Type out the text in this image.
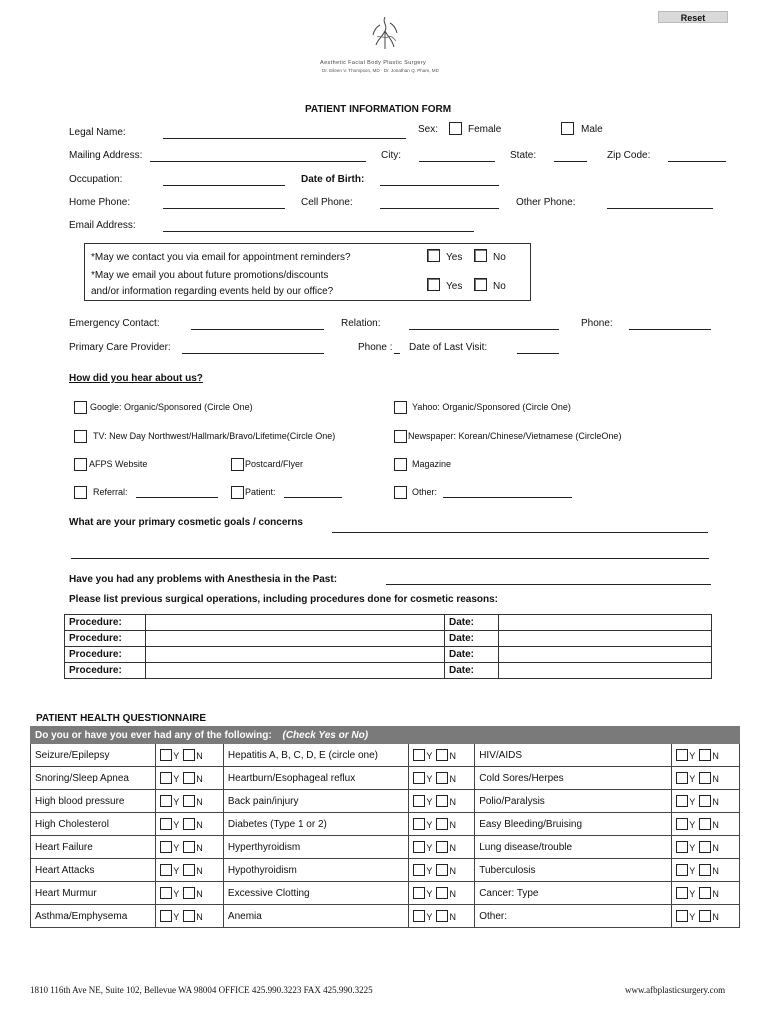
Reset
Aesthetic Facial Body Plastic Surgery
Dr. Eileen V. Thompson, MD · Dr. Jonathan Q. Pham, MD
PATIENT INFORMATION FORM
Legal Name:	Sex:	Female	Male
Mailing Address:	City:	State:	Zip Code:
Occupation:	Date of Birth:
Home Phone:	Cell Phone:	Other Phone:
Email Address:
*May we contact you via email for appointment reminders?
*May we email you about future promotions/discounts
and/or information regarding events held by our office?
Yes	No
Yes	No
Emergency Contact:	Relation:	Phone:
Primary Care Provider:	Phone : Date of Last Visit:
How did you hear about us?
Google: Organic/Sponsored (Circle One)	Yahoo: Organic/Sponsored (Circle One)
TV: New Day Northwest/Hallmark/Bravo/Lifetime(Circle One)	Newspaper: Korean/Chinese/Vietnamese (CircleOne)
AFPS Website	Postcard/Flyer	Magazine
Referral:	Patient:	Other:
What are your primary cosmetic goals / concerns
Have you had any problems with Anesthesia in the Past:
Please list previous surgical operations, including procedures done for cosmetic reasons:
Procedure:		Date:	
Procedure:		Date:	
Procedure:		Date:	
Procedure:		Date:	
PATIENT HEALTH QUESTIONNAIRE
Do you or have you ever had any of the following: (Check Yes or No)					
Seizure/Epilepsy	Y N	Hepatitis A, B, C, D, E (circle one)	Y N	HIV/AIDS	Y N
Snoring/Sleep Apnea	Y N	Heartburn/Esophageal reflux	Y N	Cold Sores/Herpes	Y N
High blood pressure	Y N	Back pain/injury	Y N	Polio/Paralysis	Y N
High Cholesterol	Y N	Diabetes (Type 1 or 2)	Y N	Easy Bleeding/Bruising	Y N
Heart Failure	Y N	Hyperthyroidism	Y N	Lung disease/trouble	Y N
Heart Attacks	Y N	Hypothyroidism	Y N	Tuberculosis	Y N
Heart Murmur	Y N	Excessive Clotting	Y N	Cancer: Type	Y N
Asthma/Emphysema	Y N	Anemia	Y N	Other:	Y N
1810 116th Ave NE, Suite 102, Bellevue WA 98004 OFFICE 425.990.3223 FAX 425.990.3225	www.afbplasticsurgery.com
